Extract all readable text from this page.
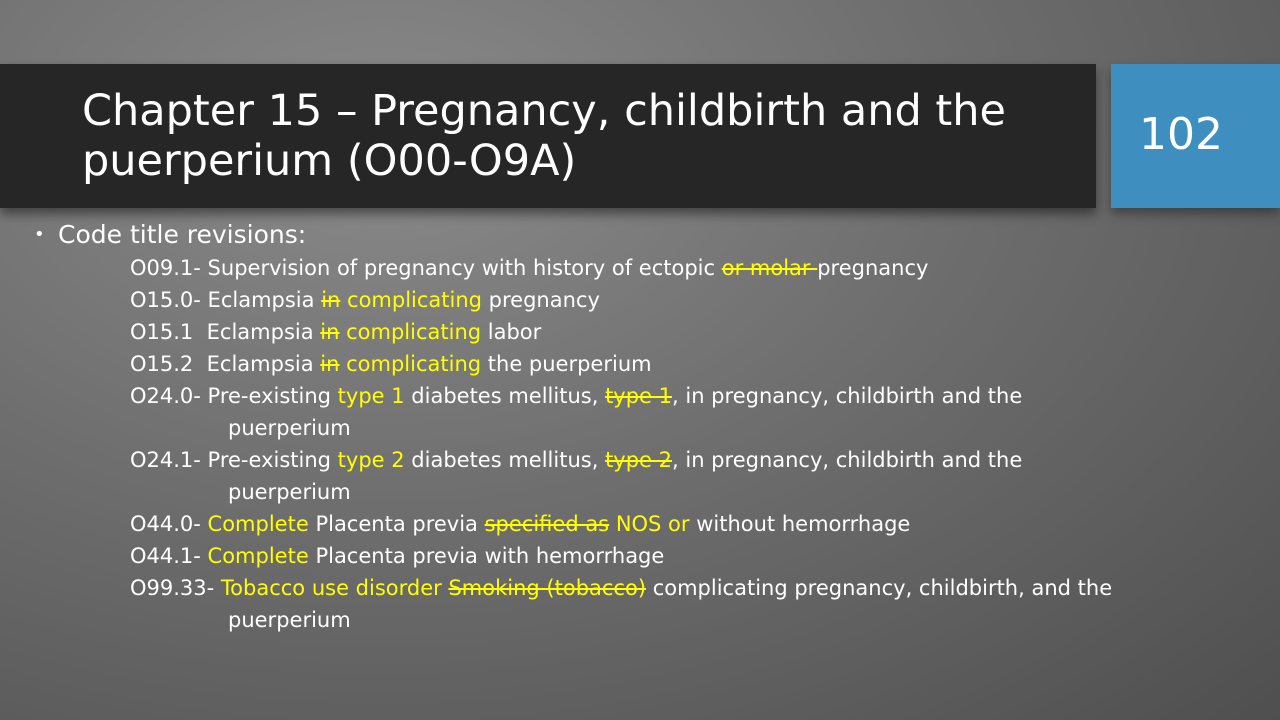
Chapter 15 – Pregnancy, childbirth and the puerperium (O00-O9A)
102
• Code title revisions:
O09.1- Supervision of pregnancy with history of ectopic or molar pregnancy
O15.0- Eclampsia in complicating pregnancy
O15.1  Eclampsia in complicating labor
O15.2  Eclampsia in complicating the puerperium
O24.0- Pre-existing type 1 diabetes mellitus, type 1, in pregnancy, childbirth and the
puerperium
O24.1- Pre-existing type 2 diabetes mellitus, type 2, in pregnancy, childbirth and the
puerperium
O44.0- Complete Placenta previa specified as NOS or without hemorrhage
O44.1- Complete Placenta previa with hemorrhage
O99.33- Tobacco use disorder Smoking (tobacco) complicating pregnancy, childbirth, and the
puerperium
